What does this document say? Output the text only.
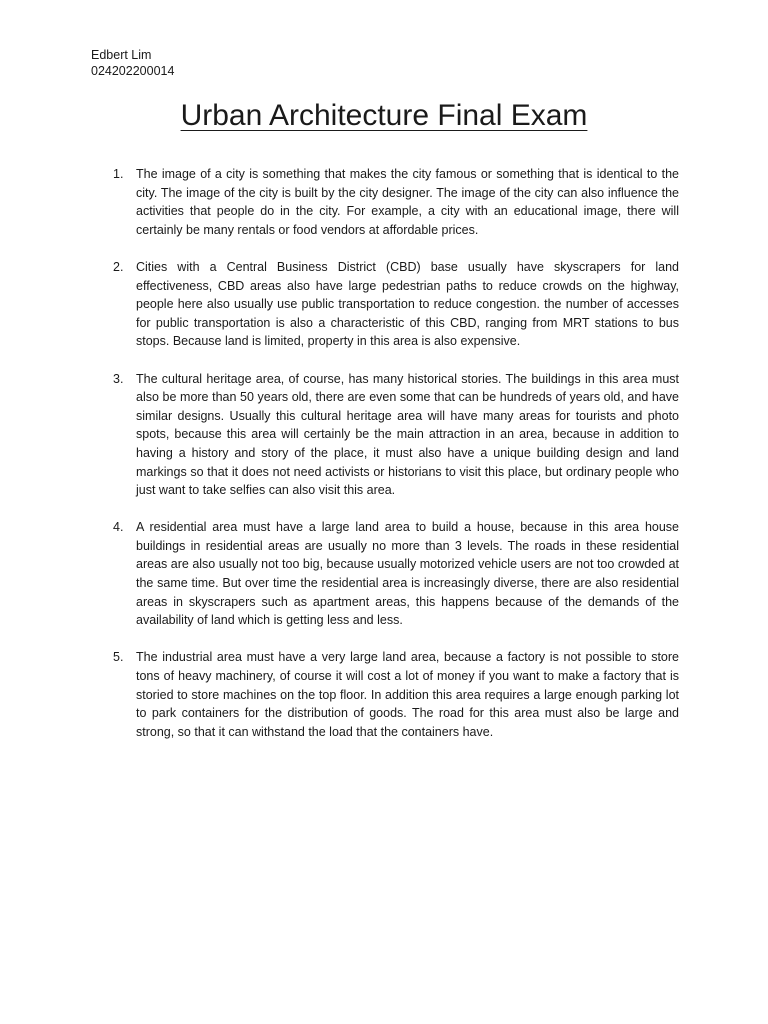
Edbert Lim
024202200014
Urban Architecture Final Exam
1. The image of a city is something that makes the city famous or something that is identical to the city. The image of the city is built by the city designer. The image of the city can also influence the activities that people do in the city. For example, a city with an educational image, there will certainly be many rentals or food vendors at affordable prices.
2. Cities with a Central Business District (CBD) base usually have skyscrapers for land effectiveness, CBD areas also have large pedestrian paths to reduce crowds on the highway, people here also usually use public transportation to reduce congestion. the number of accesses for public transportation is also a characteristic of this CBD, ranging from MRT stations to bus stops. Because land is limited, property in this area is also expensive.
3. The cultural heritage area, of course, has many historical stories. The buildings in this area must also be more than 50 years old, there are even some that can be hundreds of years old, and have similar designs. Usually this cultural heritage area will have many areas for tourists and photo spots, because this area will certainly be the main attraction in an area, because in addition to having a history and story of the place, it must also have a unique building design and land markings so that it does not need activists or historians to visit this place, but ordinary people who just want to take selfies can also visit this area.
4. A residential area must have a large land area to build a house, because in this area house buildings in residential areas are usually no more than 3 levels. The roads in these residential areas are also usually not too big, because usually motorized vehicle users are not too crowded at the same time. But over time the residential area is increasingly diverse, there are also residential areas in skyscrapers such as apartment areas, this happens because of the demands of the availability of land which is getting less and less.
5. The industrial area must have a very large land area, because a factory is not possible to store tons of heavy machinery, of course it will cost a lot of money if you want to make a factory that is storied to store machines on the top floor. In addition this area requires a large enough parking lot to park containers for the distribution of goods. The road for this area must also be large and strong, so that it can withstand the load that the containers have.
